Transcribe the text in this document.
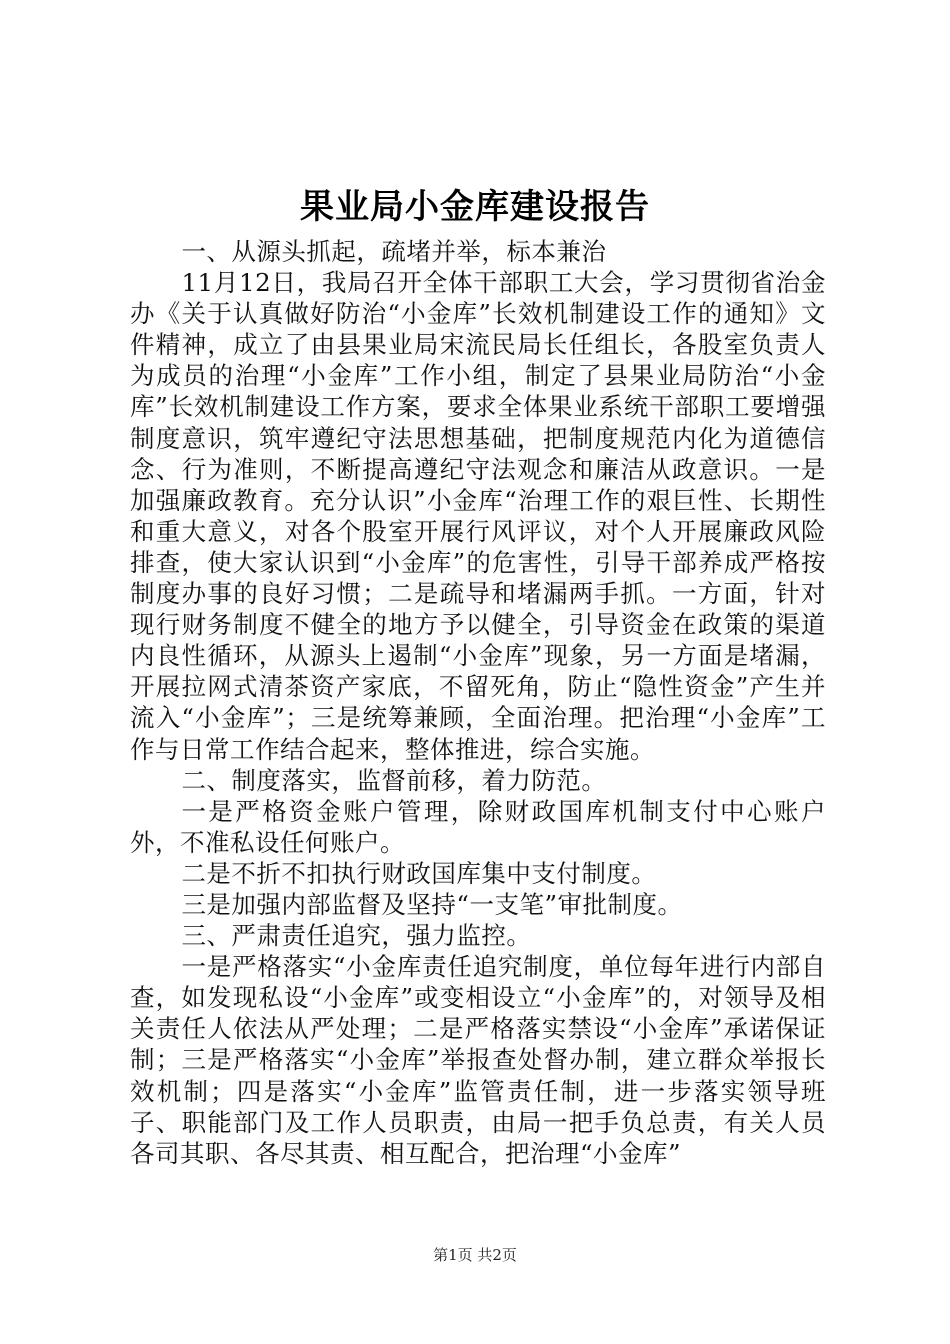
果业局小金库建设报告

一、从源头抓起，疏堵并举，标本兼治

11月12日，我局召开全体干部职工大会，学习贯彻省治金办《关于认真做好防治“小金库”长效机制建设工作的通知》文件精神，成立了由县果业局宋流民局长任组长，各股室负责人为成员的治理“小金库”工作小组，制定了县果业局防治“小金库”长效机制建设工作方案，要求全体果业系统干部职工要增强制度意识，筑牢遵纪守法思想基础，把制度规范内化为道德信念、行为准则，不断提高遵纪守法观念和廉洁从政意识。一是加强廉政教育。充分认识”小金库“治理工作的艰巨性、长期性和重大意义，对各个股室开展行风评议，对个人开展廉政风险排查，使大家认识到“小金库”的危害性，引导干部养成严格按制度办事的良好习惯；二是疏导和堵漏两手抓。一方面，针对现行财务制度不健全的地方予以健全，引导资金在政策的渠道内良性循环，从源头上遏制“小金库”现象，另一方面是堵漏，开展拉网式清茶资产家底，不留死角，防止“隐性资金”产生并流入“小金库”；三是统筹兼顾，全面治理。把治理“小金库”工作与日常工作结合起来，整体推进，综合实施。

二、制度落实，监督前移，着力防范。

一是严格资金账户管理，除财政国库机制支付中心账户外，不准私设任何账户。

二是不折不扣执行财政国库集中支付制度。

三是加强内部监督及坚持“一支笔”审批制度。

三、严肃责任追究，强力监控。

一是严格落实“小金库责任追究制度，单位每年进行内部自查，如发现私设“小金库”或变相设立“小金库”的，对领导及相关责任人依法从严处理；二是严格落实禁设“小金库”承诺保证制；三是严格落实“小金库”举报查处督办制，建立群众举报长效机制；四是落实“小金库”监管责任制，进一步落实领导班子、职能部门及工作人员职责，由局一把手负总责，有关人员各司其职、各尽其责、相互配合，把治理“小金库”

第1页 共2页
